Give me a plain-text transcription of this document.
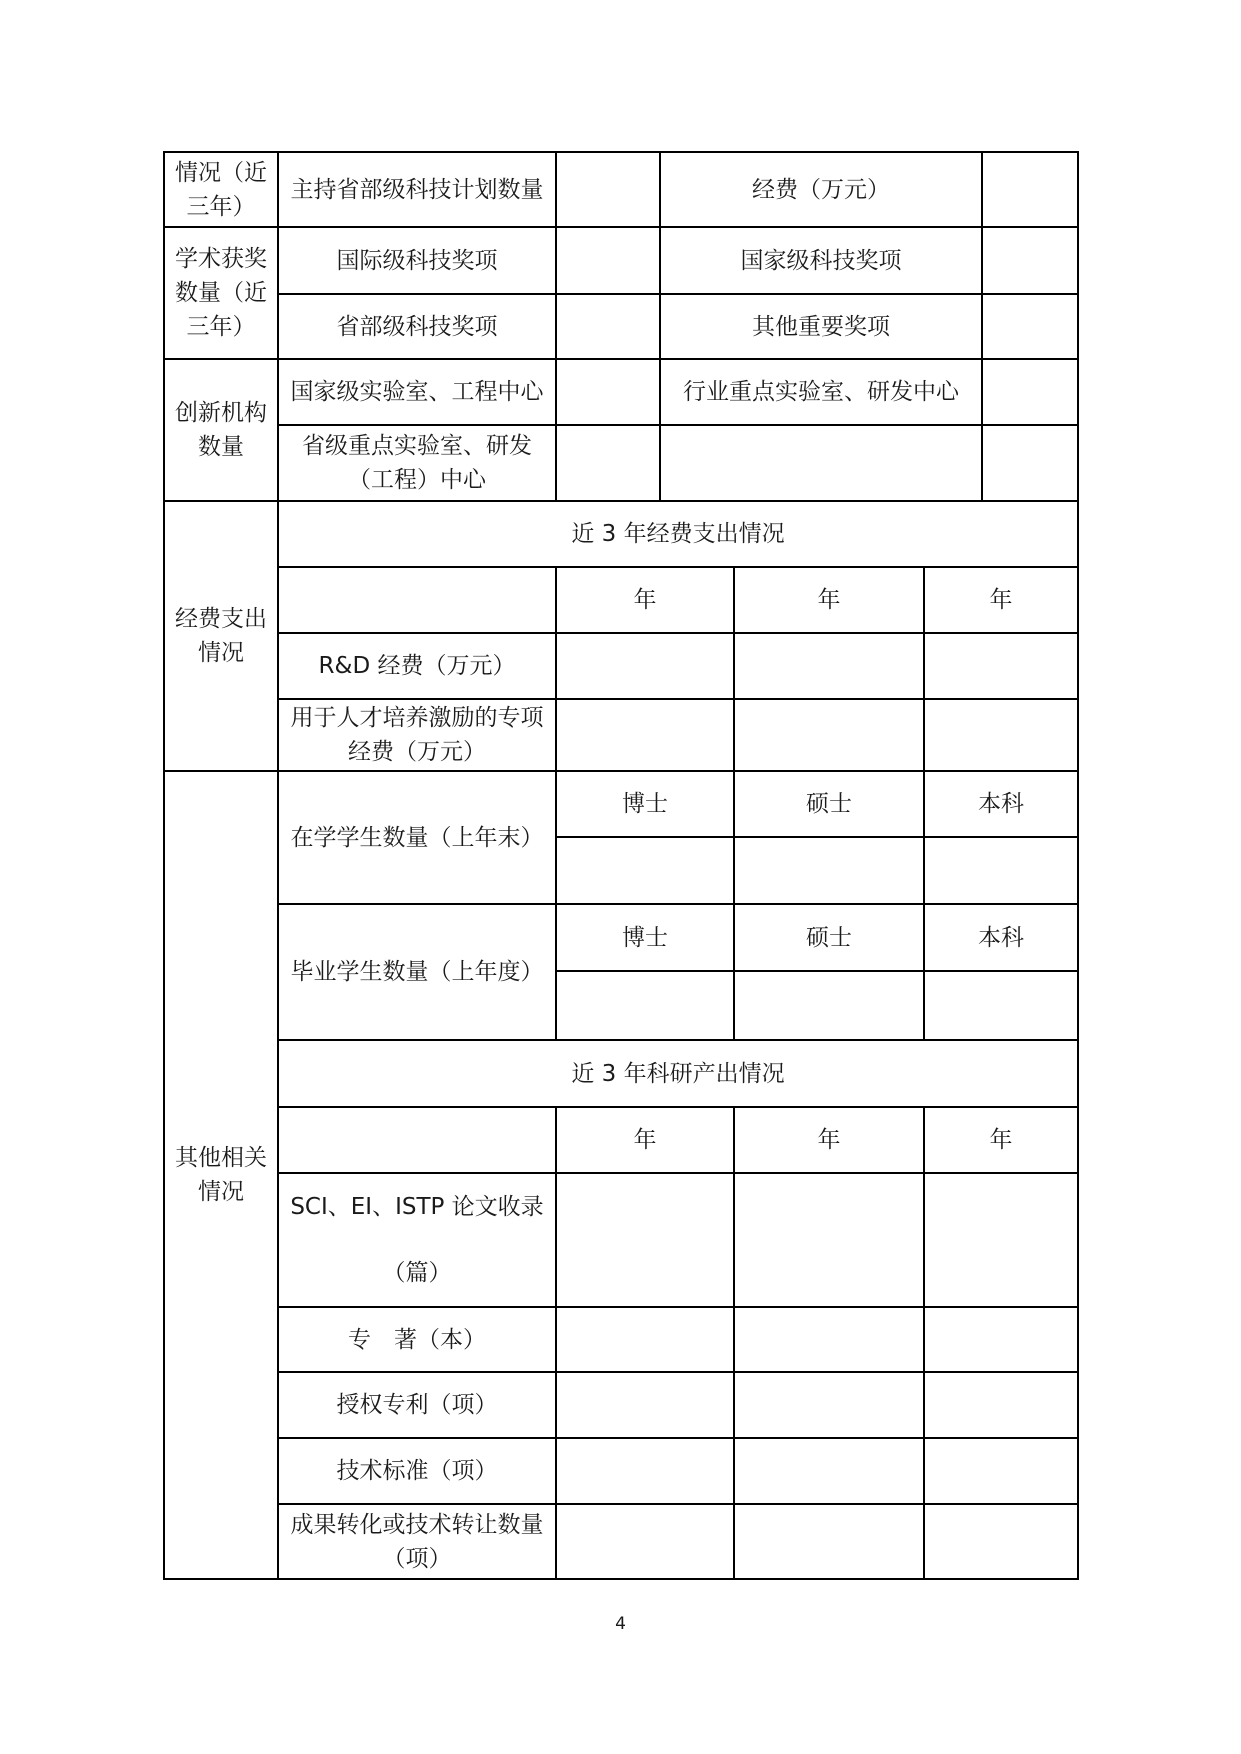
情况（近三年）	主持省部级科技计划数量		经费（万元）			
学术获奖数量（近三年）	国际级科技奖项		国家级科技奖项			
	省部级科技奖项		其他重要奖项			
创新机构数量	国家级实验室、工程中心		行业重点实验室、研发中心			
	省级重点实验室、研发（工程）中心					
经费支出情况	近 3 年经费支出情况					
		年		年	年	
	R&D 经费（万元）					
	用于人才培养激励的专项经费（万元）					
其他相关情况	在学学生数量（上年末）	博士		硕士	本科	

	毕业学生数量（上年度）	博士		硕士	本科	

	近 3 年科研产出情况					
		年		年	年	
	SCI、EI、ISTP 论文收录（篇）					
	专　著（本）					
	授权专利（项）					
	技术标准（项）					
	成果转化或技术转让数量（项）					
4
